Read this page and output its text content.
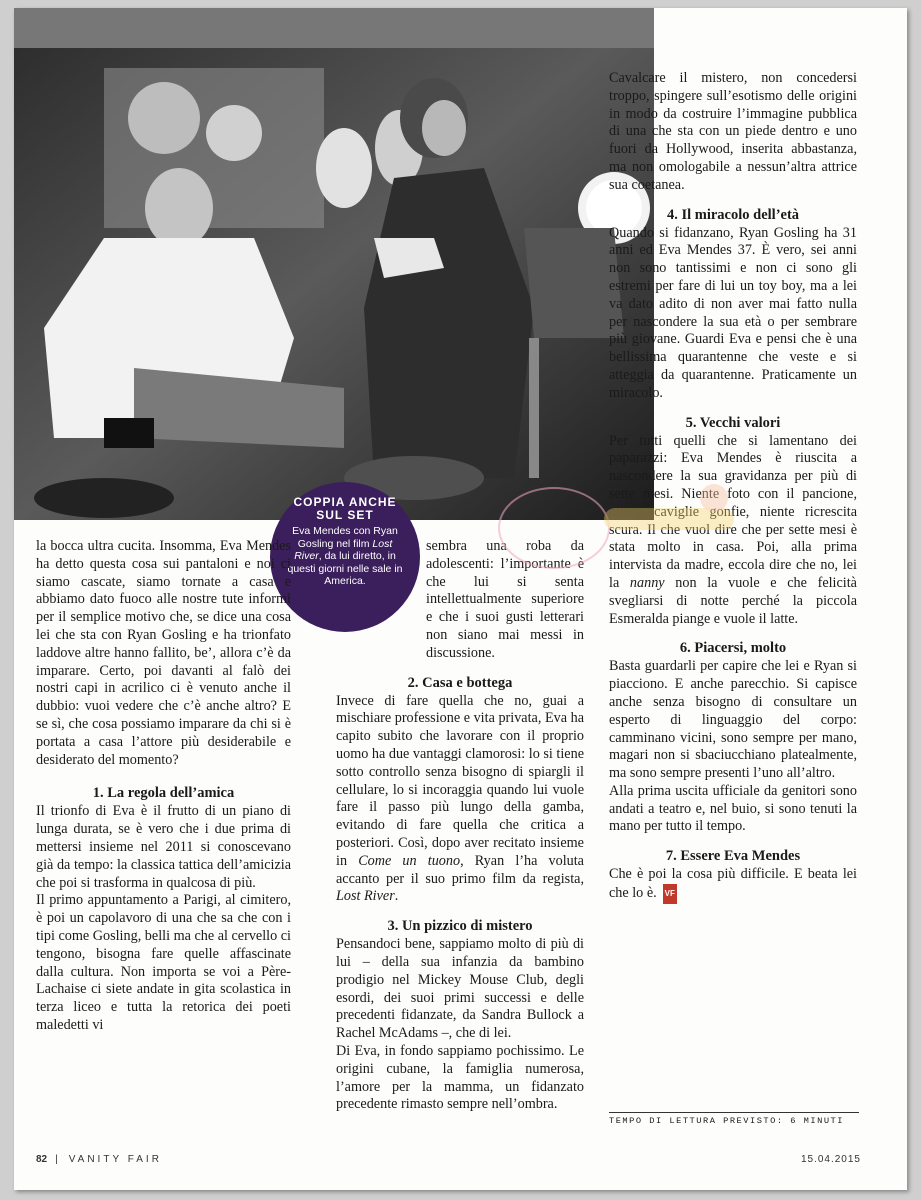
COPPIA ANCHE SUL SET

Eva Mendes con Ryan Gosling nel film Lost River, da lui diretto, in questi giorni nelle sale in America.

la bocca ultra cucita. Insomma, Eva Mendes ha detto questa cosa sui pantaloni e noi ci siamo cascate, siamo tornate a casa e abbiamo dato fuoco alle nostre tute informi per il semplice motivo che, se dice una cosa lei che sta con Ryan Gosling e ha trionfato laddove altre hanno fallito, be’, allora c’è da imparare. Certo, poi davanti al falò dei nostri capi in acrilico ci è venuto anche il dubbio: vuoi vedere che c’è anche altro? E se sì, che cosa possiamo imparare da chi si è portata a casa l’attore più desiderabile e desiderato del momento?

1. La regola dell’amica

Il trionfo di Eva è il frutto di un piano di lunga durata, se è vero che i due prima di mettersi insieme nel 2011 si conoscevano già da tempo: la classica tattica dell’amicizia che poi si trasforma in qualcosa di più.

Il primo appuntamento a Parigi, al cimitero, è poi un capolavoro di una che sa che con i tipi come Gosling, belli ma che al cervello ci tengono, bisogna fare quelle affascinate dalla cultura. Non importa se voi a Père-Lachaise ci siete andate in gita scolastica in terza liceo e tutta la retorica dei poeti maledetti vi

sembra una roba da adolescenti: l’importante è che lui si senta intellettualmente superiore e che i suoi gusti letterari non siano mai messi in discussione.

2. Casa e bottega

Invece di fare quella che no, guai a mischiare professione e vita privata, Eva ha capito subito che lavorare con il proprio uomo ha due vantaggi clamorosi: lo si tiene sotto controllo senza bisogno di spiargli il cellulare, lo si incoraggia quando lui vuole fare il passo più lungo della gamba, evitando di fare quella che critica a posteriori. Così, dopo aver recitato insieme in Come un tuono, Ryan l’ha voluta accanto per il suo primo film da regista, Lost River.

3. Un pizzico di mistero

Pensandoci bene, sappiamo molto di più di lui – della sua infanzia da bambino prodigio nel Mickey Mouse Club, degli esordi, dei suoi primi successi e delle precedenti fidanzate, da Sandra Bullock a Rachel McAdams –, che di lei.

Di Eva, in fondo sappiamo pochissimo. Le origini cubane, la famiglia numerosa, l’amore per la mamma, un fidanzato precedente rimasto sempre nell’ombra.

Cavalcare il mistero, non concedersi troppo, spingere sull’esotismo delle origini in modo da costruire l’immagine pubblica di una che sta con un piede dentro e uno fuori da Hollywood, inserita abbastanza, ma non omologabile a nessun’altra attrice sua coetanea.

4. Il miracolo dell’età

Quando si fidanzano, Ryan Gosling ha 31 anni ed Eva Mendes 37. È vero, sei anni non sono tantissimi e non ci sono gli estremi per fare di lui un toy boy, ma a lei va dato adito di non aver mai fatto nulla per nascondere la sua età o per sembrare più giovane. Guardi Eva e pensi che è una bellissima quarantenne che veste e si atteggia da quarantenne. Praticamente un miracolo.

5. Vecchi valori

Per tutti quelli che si lamentano dei paparazzi: Eva Mendes è riuscita a nascondere la sua gravidanza per più di sette mesi. Niente foto con il pancione, niente caviglie gonfie, niente ricrescita scura. Il che vuol dire che per sette mesi è stata molto in casa. Poi, alla prima intervista da madre, eccola dire che no, lei la nanny non la vuole e che felicità svegliarsi di notte perché la piccola Esmeralda piange e vuole il latte.

6. Piacersi, molto

Basta guardarli per capire che lei e Ryan si piacciono. E anche parecchio. Si capisce anche senza bisogno di consultare un esperto di linguaggio del corpo: camminano vicini, sono sempre per mano, magari non si sbaciucchiano platealmente, ma sono sempre presenti l’uno all’altro.

Alla prima uscita ufficiale da genitori sono andati a teatro e, nel buio, si sono tenuti la mano per tutto il tempo.

7. Essere Eva Mendes

Che è poi la cosa più difficile. E beata lei che lo è. VF

TEMPO DI LETTURA PREVISTO: 6 MINUTI
82 | VANITY FAIR	15.04.2015
